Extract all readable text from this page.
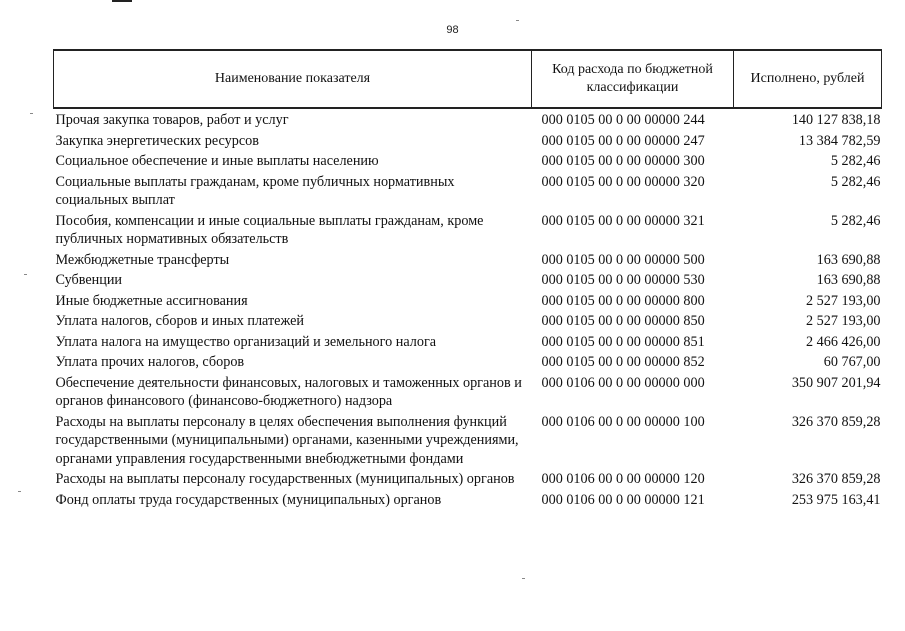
98
Наименование показателя	Код расхода по бюджетной классификации	Исполнено, рублей
Прочая закупка товаров, работ и услуг	000 0105 00 0 00 00000 244	140 127 838,18
Закупка энергетических ресурсов	000 0105 00 0 00 00000 247	13 384 782,59
Социальное обеспечение и иные выплаты населению	000 0105 00 0 00 00000 300	5 282,46
Социальные выплаты гражданам, кроме публичных нормативных социальных выплат	000 0105 00 0 00 00000 320	5 282,46
Пособия, компенсации и иные социальные выплаты гражданам, кроме публичных нормативных обязательств	000 0105 00 0 00 00000 321	5 282,46
Межбюджетные трансферты	000 0105 00 0 00 00000 500	163 690,88
Субвенции	000 0105 00 0 00 00000 530	163 690,88
Иные бюджетные ассигнования	000 0105 00 0 00 00000 800	2 527 193,00
Уплата налогов, сборов и иных платежей	000 0105 00 0 00 00000 850	2 527 193,00
Уплата налога на имущество организаций и земельного налога	000 0105 00 0 00 00000 851	2 466 426,00
Уплата прочих налогов, сборов	000 0105 00 0 00 00000 852	60 767,00
Обеспечение деятельности финансовых, налоговых и таможенных органов и органов финансового (финансово-бюджетного) надзора	000 0106 00 0 00 00000 000	350 907 201,94
Расходы на выплаты персоналу в целях обеспечения выполнения функций государственными (муниципальными) органами, казенными учреждениями, органами управления государственными внебюджетными фондами	000 0106 00 0 00 00000 100	326 370 859,28
Расходы на выплаты персоналу государственных (муниципальных) органов	000 0106 00 0 00 00000 120	326 370 859,28
Фонд оплаты труда государственных (муниципальных) органов	000 0106 00 0 00 00000 121	253 975 163,41
